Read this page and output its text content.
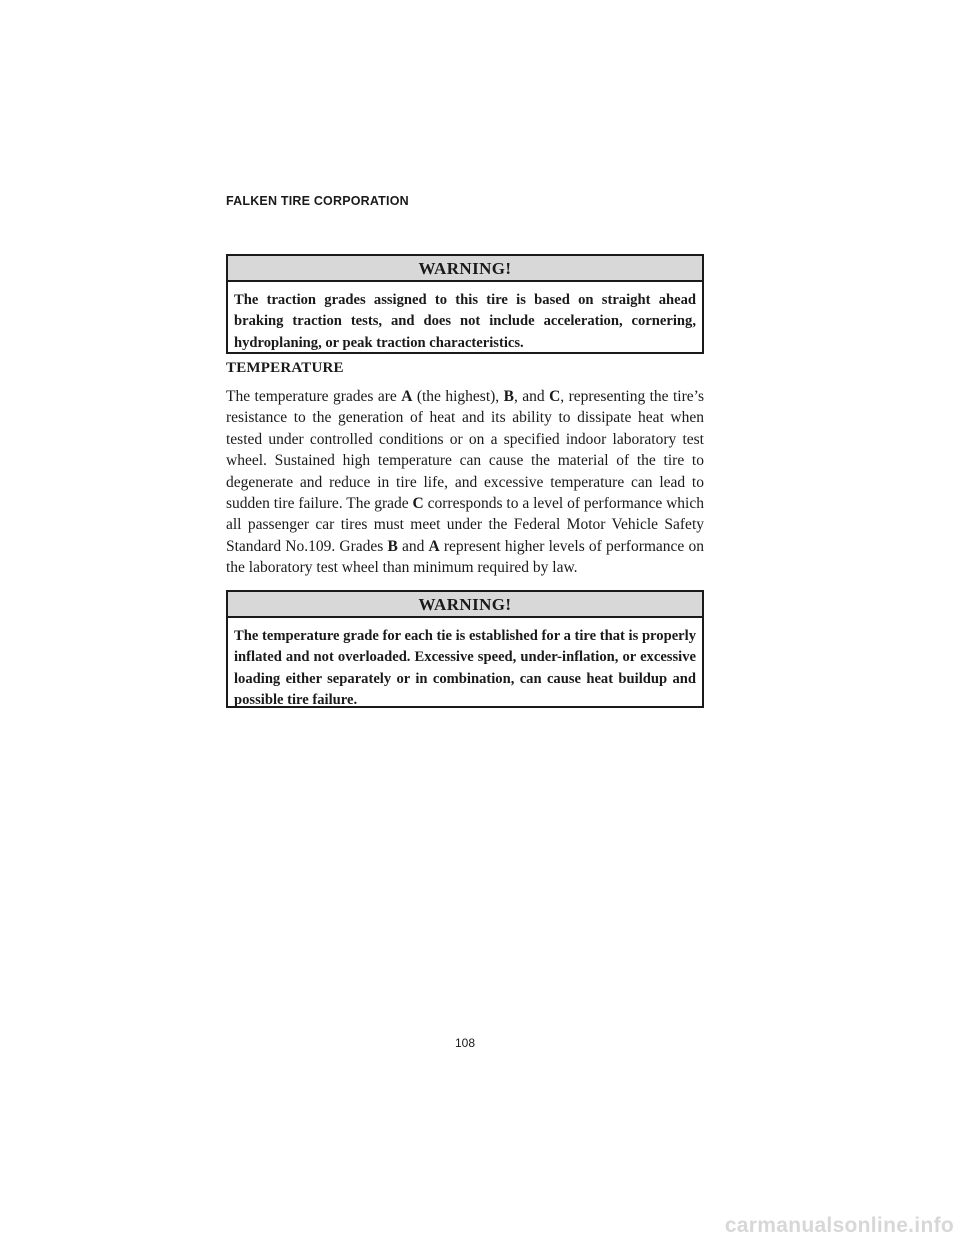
FALKEN TIRE CORPORATION
WARNING!
The traction grades assigned to this tire is based on straight ahead braking traction tests, and does not include acceleration, cornering, hydroplaning, or peak traction characteristics.
TEMPERATURE
The temperature grades are A (the highest), B, and C, representing the tire’s resistance to the generation of heat and its ability to dissipate heat when tested under controlled conditions or on a specified indoor laboratory test wheel. Sustained high temperature can cause the material of the tire to degenerate and reduce in tire life, and excessive temperature can lead to sudden tire failure. The grade C corresponds to a level of performance which all passenger car tires must meet under the Federal Motor Vehicle Safety Standard No.109. Grades B and A represent higher levels of performance on the laboratory test wheel than minimum required by law.
WARNING!
The temperature grade for each tie is established for a tire that is properly inflated and not overloaded. Excessive speed, under-inflation, or excessive loading either separately or in combination, can cause heat buildup and possible tire failure.
108
carmanualsonline.info
